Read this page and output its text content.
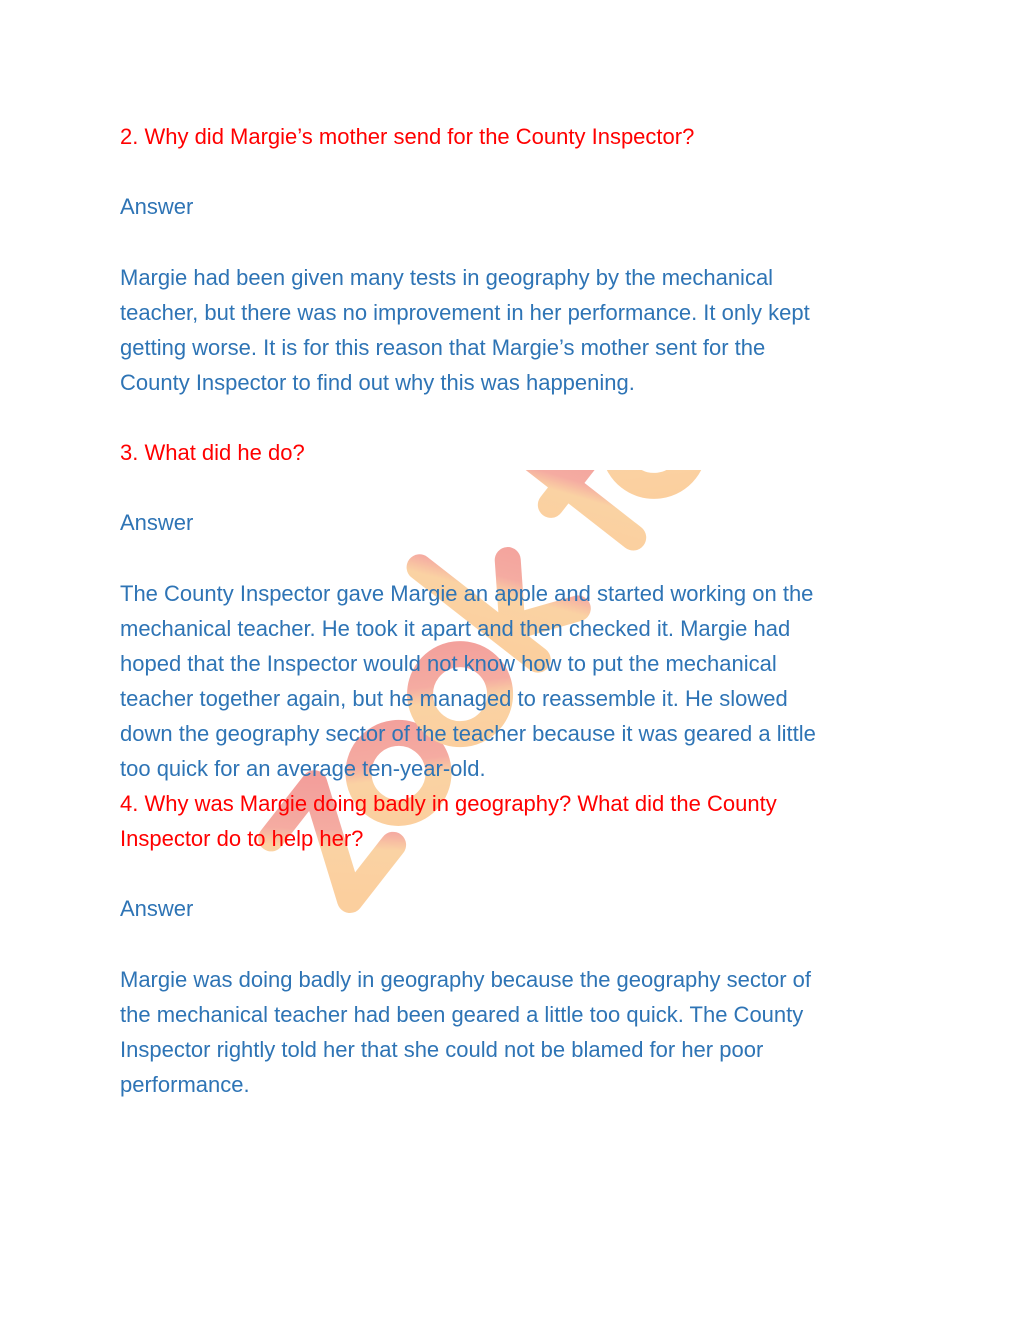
2. Why did Margie’s mother send for the County Inspector?
Answer
Margie had been given many tests in geography by the mechanical
teacher, but there was no improvement in her performance. It only kept
getting worse. It is for this reason that Margie’s mother sent for the
County Inspector to find out why this was happening.
3. What did he do?
Answer
The County Inspector gave Margie an apple and started working on the
mechanical teacher. He took it apart and then checked it. Margie had
hoped that the Inspector would not know how to put the mechanical
teacher together again, but he managed to reassemble it. He slowed
down the geography sector of the teacher because it was geared a little
too quick for an average ten-year-old.
4. Why was Margie doing badly in geography? What did the County
Inspector do to help her?
Answer
Margie was doing badly in geography because the geography sector of
the mechanical teacher had been geared a little too quick. The County
Inspector rightly told her that she could not be blamed for her poor
performance.
